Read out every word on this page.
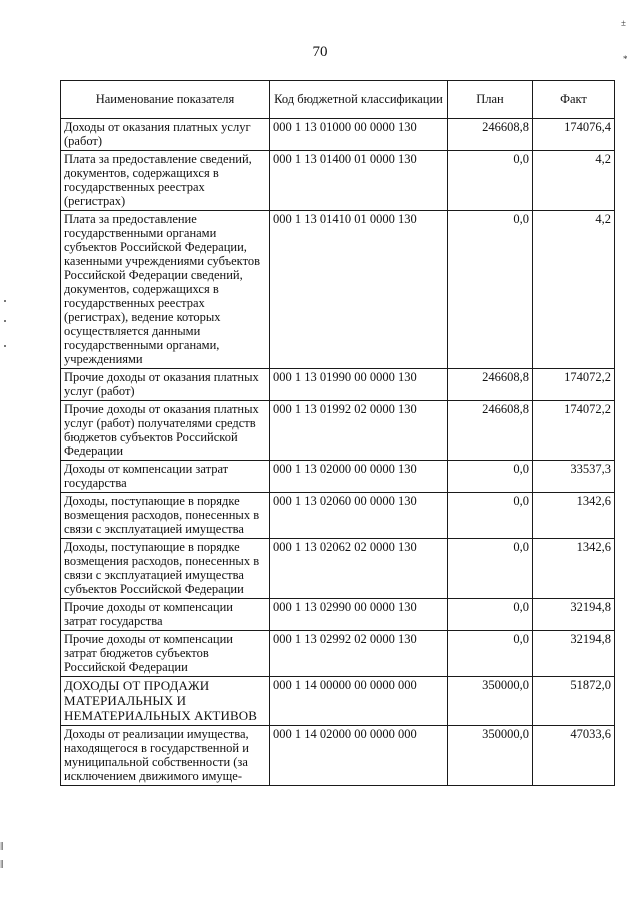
70
±
*
‖
‖
Наименование показателя	Код бюджетной классификации	План	Факт
Доходы от оказания платных услуг (работ)	000 1 13 01000 00 0000 130	246608,8	174076,4
Плата за предоставление сведений, документов, содержащихся в государственных реестрах (регистрах)	000 1 13 01400 01 0000 130	0,0	4,2
Плата за предоставление государственными органами субъектов Российской Федерации, казенными учреждениями субъектов Российской Федерации сведений, документов, содержащихся в государственных реестрах (регистрах), ведение которых осуществляется данными государственными органами, учреждениями	000 1 13 01410 01 0000 130	0,0	4,2
Прочие доходы от оказания платных услуг (работ)	000 1 13 01990 00 0000 130	246608,8	174072,2
Прочие доходы от оказания платных услуг (работ) получателями средств бюджетов субъектов Российской Федерации	000 1 13 01992 02 0000 130	246608,8	174072,2
Доходы от компенсации затрат государства	000 1 13 02000 00 0000 130	0,0	33537,3
Доходы, поступающие в порядке возмещения расходов, понесенных в связи с эксплуатацией имущества	000 1 13 02060 00 0000 130	0,0	1342,6
Доходы, поступающие в порядке возмещения расходов, понесенных в связи с эксплуатацией имущества субъектов Российской Федерации	000 1 13 02062 02 0000 130	0,0	1342,6
Прочие доходы от компенсации затрат государства	000 1 13 02990 00 0000 130	0,0	32194,8
Прочие доходы от компенсации затрат бюджетов субъектов Российской Федерации	000 1 13 02992 02 0000 130	0,0	32194,8
ДОХОДЫ ОТ ПРОДАЖИ МАТЕРИАЛЬНЫХ И НЕМАТЕРИАЛЬНЫХ АКТИВОВ	000 1 14 00000 00 0000 000	350000,0	51872,0
Доходы от реализации имущества, находящегося в государственной и муниципальной собственности (за исключением движимого имуще-	000 1 14 02000 00 0000 000	350000,0	47033,6
